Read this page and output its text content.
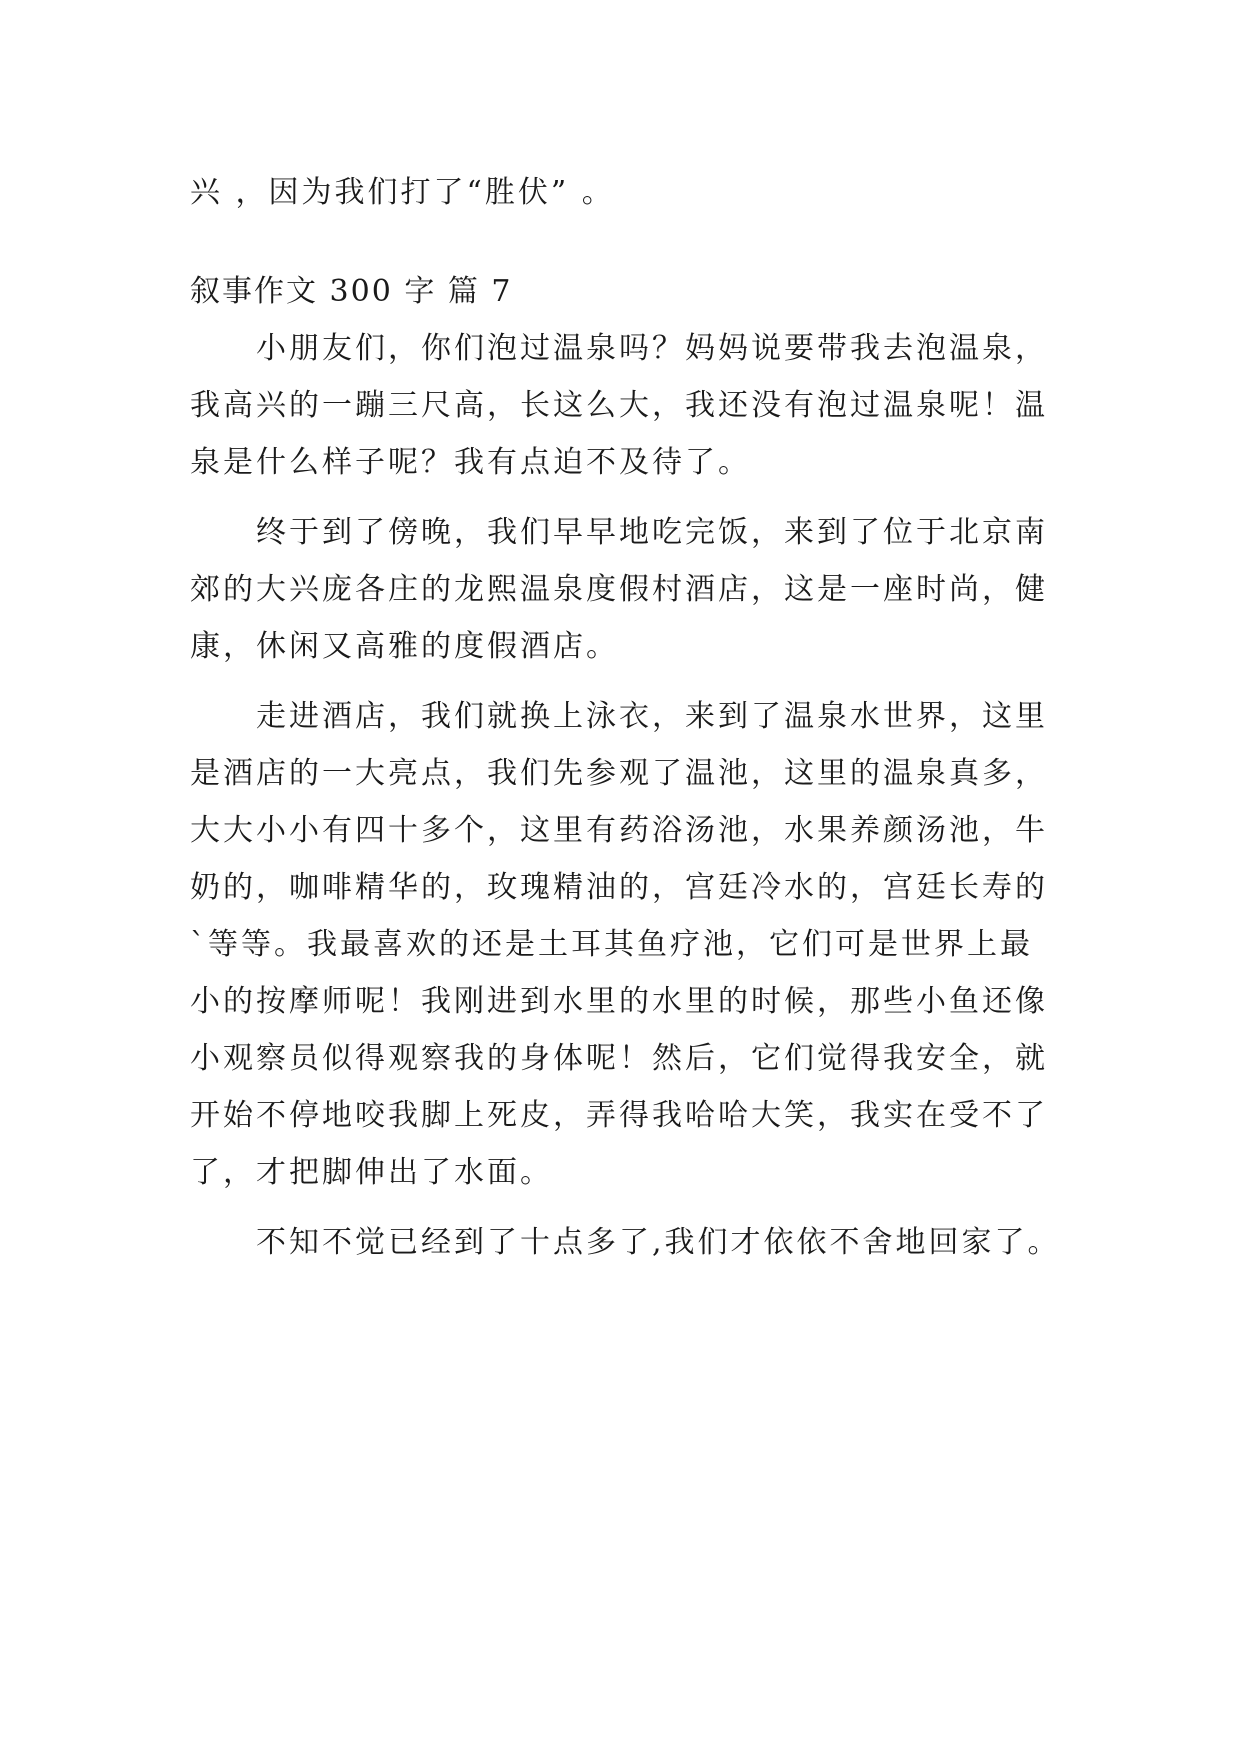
兴 ，因为我们打了“胜伏” 。
叙事作文 300 字 篇 7
小朋友们，你们泡过温泉吗？妈妈说要带我去泡温泉，
我高兴的一蹦三尺高，长这么大，我还没有泡过温泉呢！温
泉是什么样子呢？我有点迫不及待了。
终于到了傍晚，我们早早地吃完饭，来到了位于北京南
郊的大兴庞各庄的龙熙温泉度假村酒店，这是一座时尚，健
康，休闲又高雅的度假酒店。
走进酒店，我们就换上泳衣，来到了温泉水世界，这里
是酒店的一大亮点，我们先参观了温池，这里的温泉真多，
大大小小有四十多个，这里有药浴汤池，水果养颜汤池，牛
奶的，咖啡精华的，玫瑰精油的，宫廷冷水的，宫廷长寿的
`等等。我最喜欢的还是土耳其鱼疗池，它们可是世界上最
小的按摩师呢！我刚进到水里的水里的时候，那些小鱼还像
小观察员似得观察我的身体呢！然后，它们觉得我安全，就
开始不停地咬我脚上死皮，弄得我哈哈大笑，我实在受不了
了，才把脚伸出了水面。
不知不觉已经到了十点多了,我们才依依不舍地回家了。
